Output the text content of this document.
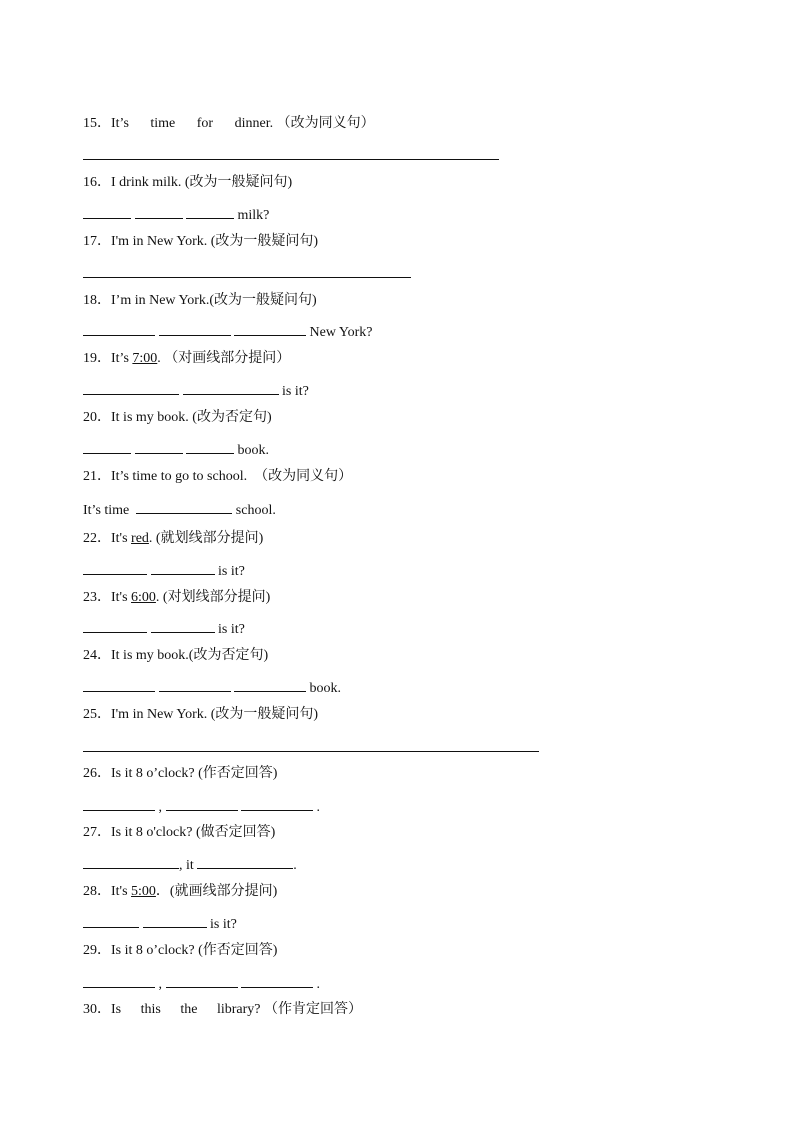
15．It’s time for dinner. （改为同义句）

16．I drink milk. (改为一般疑问句)

milk?

17．I'm in New York. (改为一般疑问句)

18．I’m in New York.(改为一般疑问句)

New York?

19．It’s 7:00. （对画线部分提问）

is it?

20．It is my book. (改为否定句)

book.

21．It’s time to go to school. （改为同义句）

It’s time	school.

22．It's red. (就划线部分提问)

is it?

23．It's 6:00. (对划线部分提问)

is it?

24．It is my book.(改为否定句)

book.

25．I'm in New York. (改为一般疑问句)

26．Is it 8 o’clock? (作否定回答)

,	.

27．Is it 8 o'clock? (做否定回答)

, it	.

28．It's 5:00．(就画线部分提问)

is it?

29．Is it 8 o’clock? (作否定回答)

,	.

30．Is this the library? （作肯定回答）
